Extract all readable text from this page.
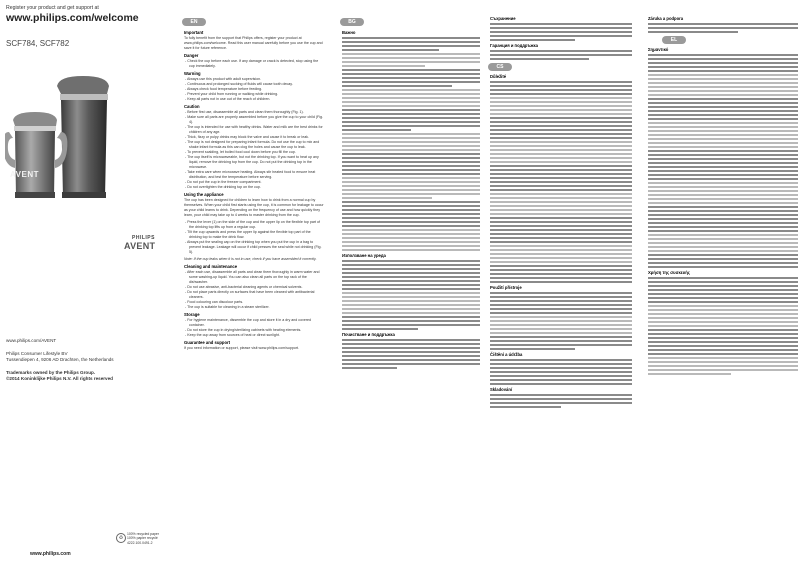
Register your product and get support at
www.philips.com/welcome
SCF784, SCF782
AVENT
PHILIPS
AVENT
www.philips.com/AVENT
Philips Consumer Lifestyle BV
Tussendiepen 4, 9206 AD Drachten, the Netherlands
Trademarks owned by the Philips Group.
©2014 Koninklijke Philips N.V. All rights reserved
♻
100% recycled paper
100% papier recyclé
4222.100.0491.2
www.philips.com
EN
Important

To fully benefit from the support that Philips offers, register your product at www.philips.com/welcome. Read this user manual carefully before you use the cup and save it for future reference.

Danger
- Check the cup before each use. If any damage or crack is detected, stop using the cup immediately.
Warning
- Always use this product with adult supervision.
- Continuous and prolonged sucking of fluids will cause tooth decay.
- Always check food temperature before feeding.
- Prevent your child from running or walking while drinking.
- Keep all parts not in use out of the reach of children.
Caution
- Before first use, disassemble all parts and clean them thoroughly (Fig. 1).
- Make sure all parts are properly assembled before you give the cup to your child (Fig. 4).
- The cup is intended for use with healthy drinks. Water and milk are the best drinks for children of any age.
- Thick, fizzy or pulpy drinks may block the valve and cause it to break or leak.
- The cup is not designed for preparing infant formula. Do not use the cup to mix and shake infant formula as this can clog the holes and cause the cup to leak.
- To prevent scalding, let boiled food cool down before you fill the cup.
- The cup itself is microwaveable, but not the drinking top. If you want to heat up any liquid, remove the drinking top from the cup. Do not put the drinking top in the microwave.
- Take extra care when microwave heating. Always stir heated food to ensure heat distribution, and test the temperature before serving.
- Do not put the cup in the freezer compartment.
- Do not overtighten the drinking top on the cup.
Using the appliance

The cup has been designed for children to learn how to drink from a normal cup by themselves. When your child first starts using the cup, it is common for leakage to occur as your child learns to drink. Depending on the frequency of use and how quickly they learn, your child may take up to 4 weeks to master drinking from the cup.

- Press the lever (1) on the side of the cup and the upper lip on the flexible top part of the drinking top lifts up from a regular cup.
- Tilt the cup upwards and press the upper lip against the flexible top part of the drinking top to make the drink flow.
- Always put the sealing cap on the drinking top when you put the cup in a bag to prevent leakage. Leakage will occur if child presses the seal while not drinking (Fig. 5).

Note: If the cup leaks when it is not in use, check if you have assembled it correctly.

Cleaning and maintenance
- After each use, disassemble all parts and clean them thoroughly in warm water and some washing-up liquid. You can also clean all parts on the top rack of the dishwasher.
- Do not use abrasive, anti-bacterial cleaning agents or chemical solvents.
- Do not place parts directly on surfaces that have been cleaned with antibacterial cleaners.
- Food colouring can discolour parts.
- The cup is suitable for cleaning in a steam sterilizer.
Storage
- For hygiene maintenance, dissemble the cup and store it in a dry and covered container.
- Do not store the cup in drying/sterilizing cabinets with heating elements.
- Keep the cup away from sources of heat or direct sunlight.
Guarantee and support

If you need information or support, please visit www.philips.com/support.

BG
Важно
Използване на уреда
Почистване и поддръжка
Съхранение
Гаранция и поддръжка
CS
Důležité
Použití přístroje
Čištění a údržba
Skladování
Záruka a podpora
EL
Σημαντικό
Χρήση της συσκευής
